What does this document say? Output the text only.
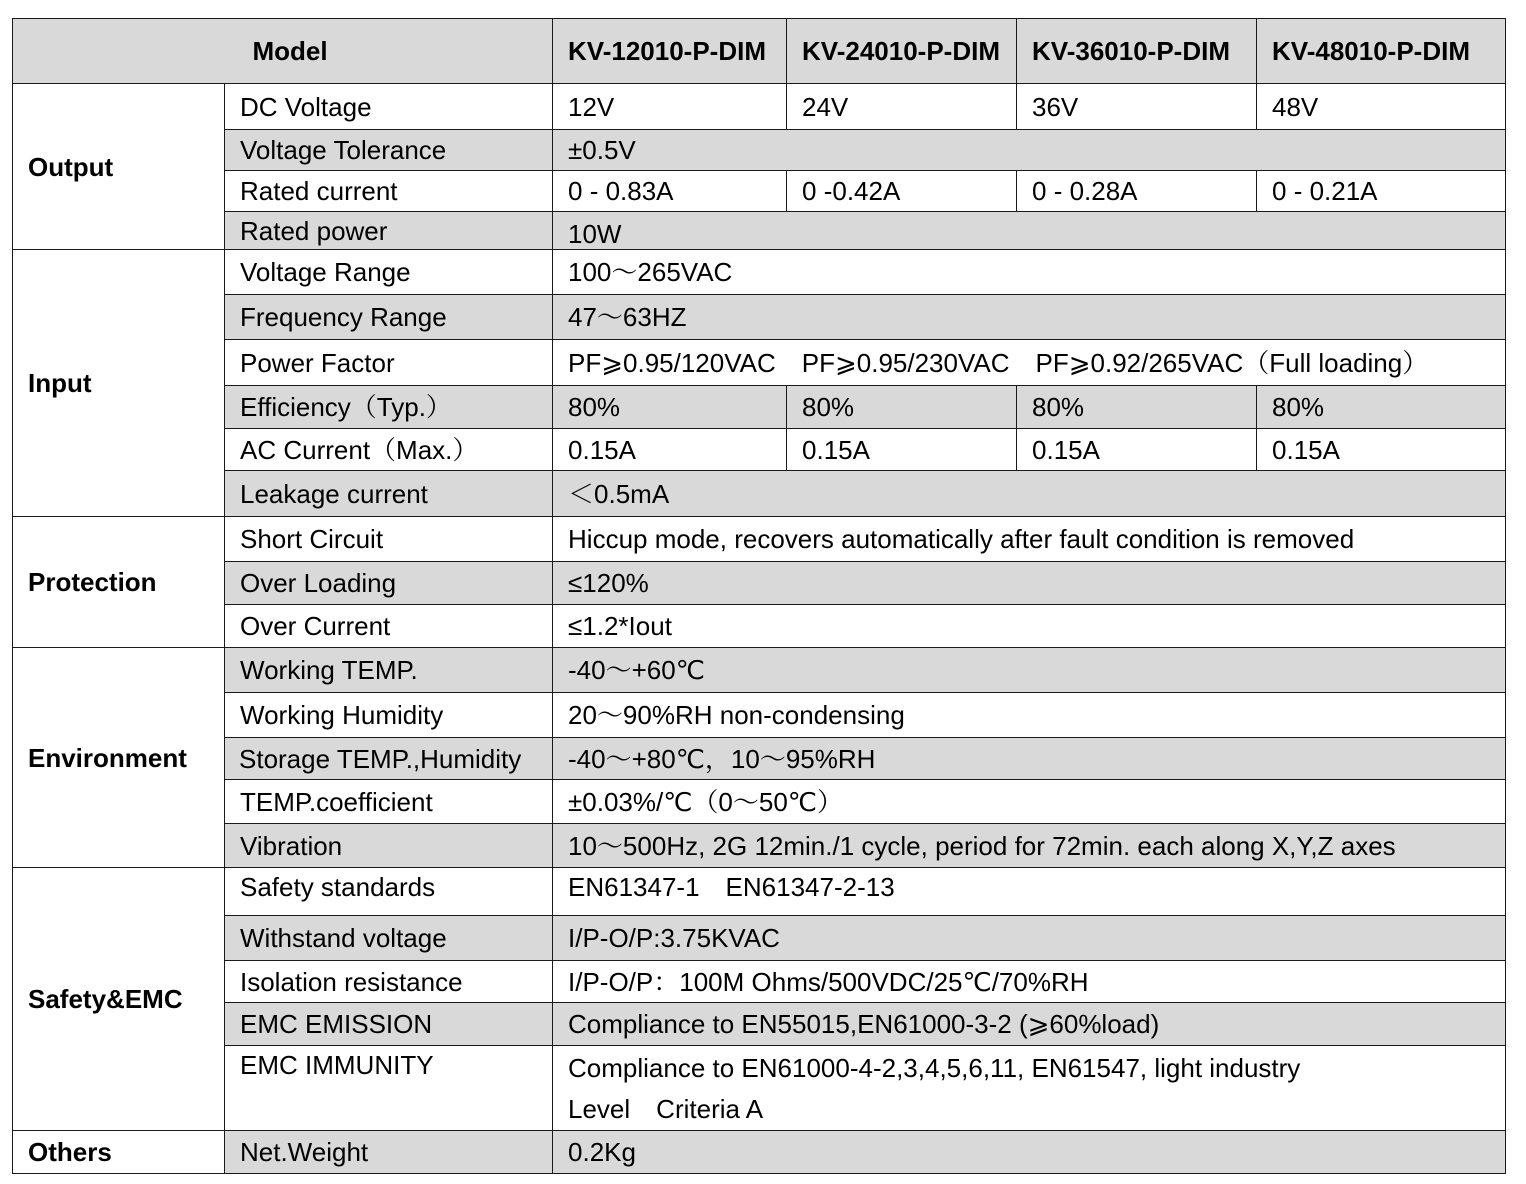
Model		KV-12010-P-DIM	KV-24010-P-DIM	KV-36010-P-DIM	KV-48010-P-DIM
Output	DC Voltage	12V	24V	36V	48V
	Voltage Tolerance	±0.5V			
	Rated current	0 - 0.83A	0 -0.42A	0 - 0.28A	0 - 0.21A
	Rated power	10W			
Input	Voltage Range	100～265VAC			
	Frequency Range	47～63HZ			
	Power Factor	PF⩾0.95/120VAC　PF⩾0.95/230VAC　PF⩾0.92/265VAC（Full loading）			
	Efficiency（Typ.）	80%	80%	80%	80%
	AC Current（Max.）	0.15A	0.15A	0.15A	0.15A
	Leakage current	＜0.5mA			
Protection	Short Circuit	Hiccup mode, recovers automatically after fault condition is removed			
	Over Loading	≤120%			
	Over Current	≤1.2*Iout			
Environment	Working TEMP.	-40～+60℃			
	Working Humidity	20～90%RH non-condensing			
	Storage TEMP.,Humidity	-40～+80℃，10～95%RH			
	TEMP.coefficient	±0.03%/℃（0～50℃）			
	Vibration	10～500Hz, 2G 12min./1 cycle, period for 72min. each along X,Y,Z axes			
Safety&EMC	Safety standards	EN61347-1　EN61347-2-13			
	Withstand voltage	I/P-O/P:3.75KVAC			
	Isolation resistance	I/P-O/P：100M Ohms/500VDC/25℃/70%RH			
	EMC EMISSION	Compliance to EN55015,EN61000-3-2 (⩾60%load)			
	EMC IMMUNITY	Compliance to EN61000-4-2,3,4,5,6,11, EN61547, light industry
Level　Criteria A			

Others	Net.Weight	0.2Kg			
